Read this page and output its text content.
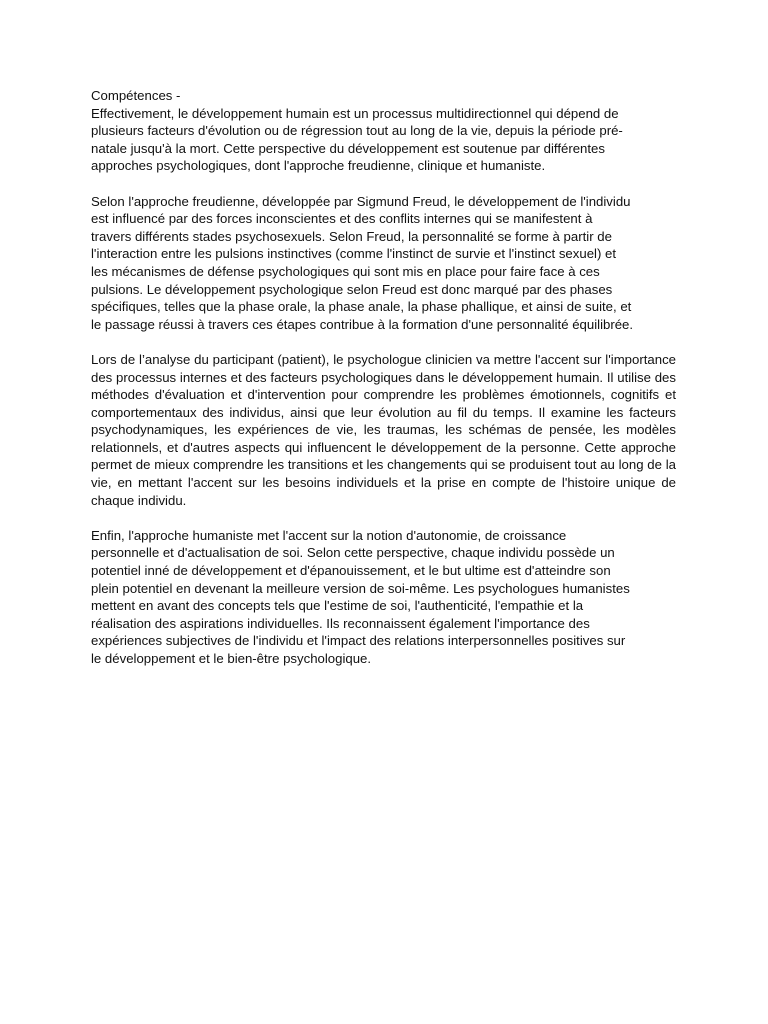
Compétences -

Effectivement, le développement humain est un processus multidirectionnel qui dépend de
plusieurs facteurs d'évolution ou de régression tout au long de la vie, depuis la période pré-
natale jusqu'à la mort. Cette perspective du développement est soutenue par différentes
approches psychologiques, dont l'approche freudienne, clinique et humaniste.

Selon l'approche freudienne, développée par Sigmund Freud, le développement de l'individu
est influencé par des forces inconscientes et des conflits internes qui se manifestent à
travers différents stades psychosexuels. Selon Freud, la personnalité se forme à partir de
l'interaction entre les pulsions instinctives (comme l'instinct de survie et l'instinct sexuel) et
les mécanismes de défense psychologiques qui sont mis en place pour faire face à ces
pulsions. Le développement psychologique selon Freud est donc marqué par des phases
spécifiques, telles que la phase orale, la phase anale, la phase phallique, et ainsi de suite, et
le passage réussi à travers ces étapes contribue à la formation d'une personnalité équilibrée.

Lors de l’analyse du participant (patient), le psychologue clinicien va mettre l'accent sur l'importance des processus internes et des facteurs psychologiques dans le développement humain. Il utilise des méthodes d'évaluation et d'intervention pour comprendre les problèmes émotionnels, cognitifs et comportementaux des individus, ainsi que leur évolution au fil du temps. Il examine les facteurs psychodynamiques, les expériences de vie, les traumas, les schémas de pensée, les modèles relationnels, et d'autres aspects qui influencent le développement de la personne. Cette approche permet de mieux comprendre les transitions et les changements qui se produisent tout au long de la vie, en mettant l'accent sur les besoins individuels et la prise en compte de l'histoire unique de chaque individu.

Enfin, l'approche humaniste met l'accent sur la notion d'autonomie, de croissance
personnelle et d'actualisation de soi. Selon cette perspective, chaque individu possède un
potentiel inné de développement et d'épanouissement, et le but ultime est d'atteindre son
plein potentiel en devenant la meilleure version de soi-même. Les psychologues humanistes
mettent en avant des concepts tels que l'estime de soi, l'authenticité, l'empathie et la
réalisation des aspirations individuelles. Ils reconnaissent également l'importance des
expériences subjectives de l'individu et l'impact des relations interpersonnelles positives sur
le développement et le bien-être psychologique.
